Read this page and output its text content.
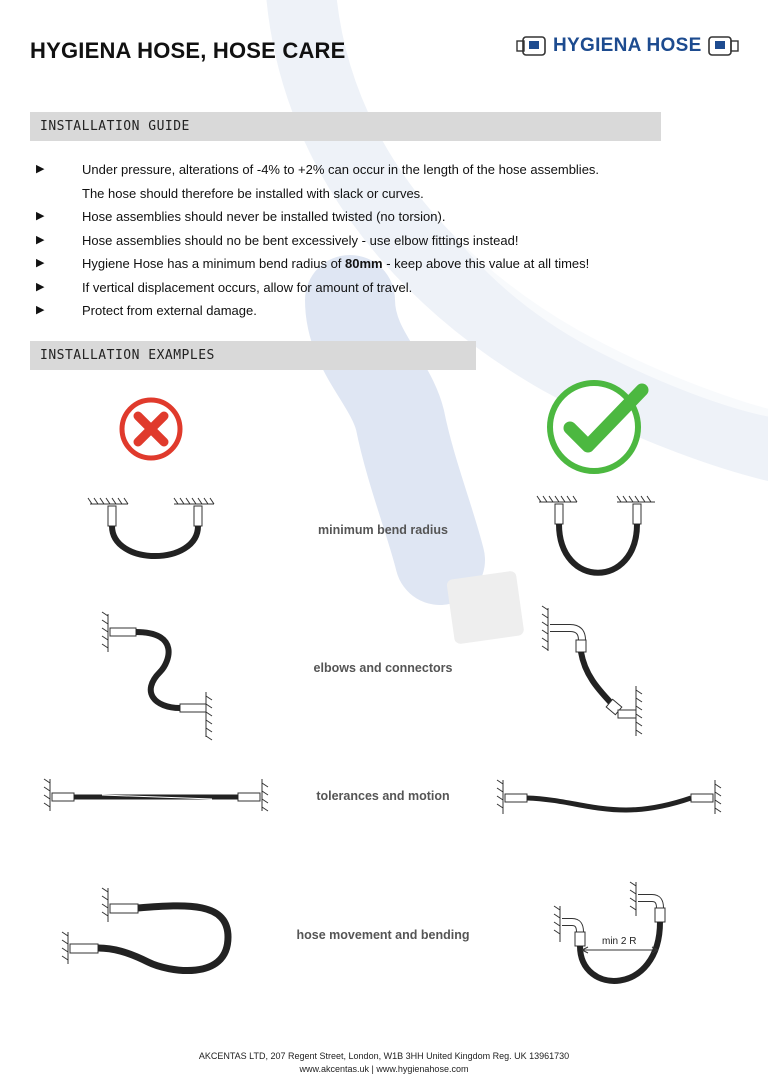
HYGIENA HOSE, HOSE CARE	HYGIENA HOSE
INSTALLATION GUIDE
▶	Under pressure, alterations of -4% to +2% can occur in the length of the hose assemblies.
The hose should therefore be installed with slack or curves.
▶	Hose assemblies should never be installed twisted (no torsion).
▶	Hose assemblies should no be bent excessively - use elbow fittings instead!
▶	Hygiene Hose has a minimum bend radius of 80mm - keep above this value at all times!
▶	If vertical displacement occurs, allow for amount of travel.
▶	Protect from external damage.
INSTALLATION EXAMPLES
minimum bend radius
elbows and connectors
tolerances and motion
hose movement and bending	min 2 R
AKCENTAS LTD, 207 Regent Street, London, W1B 3HH United Kingdom Reg. UK 13961730
www.akcentas.uk | www.hygienahose.com
